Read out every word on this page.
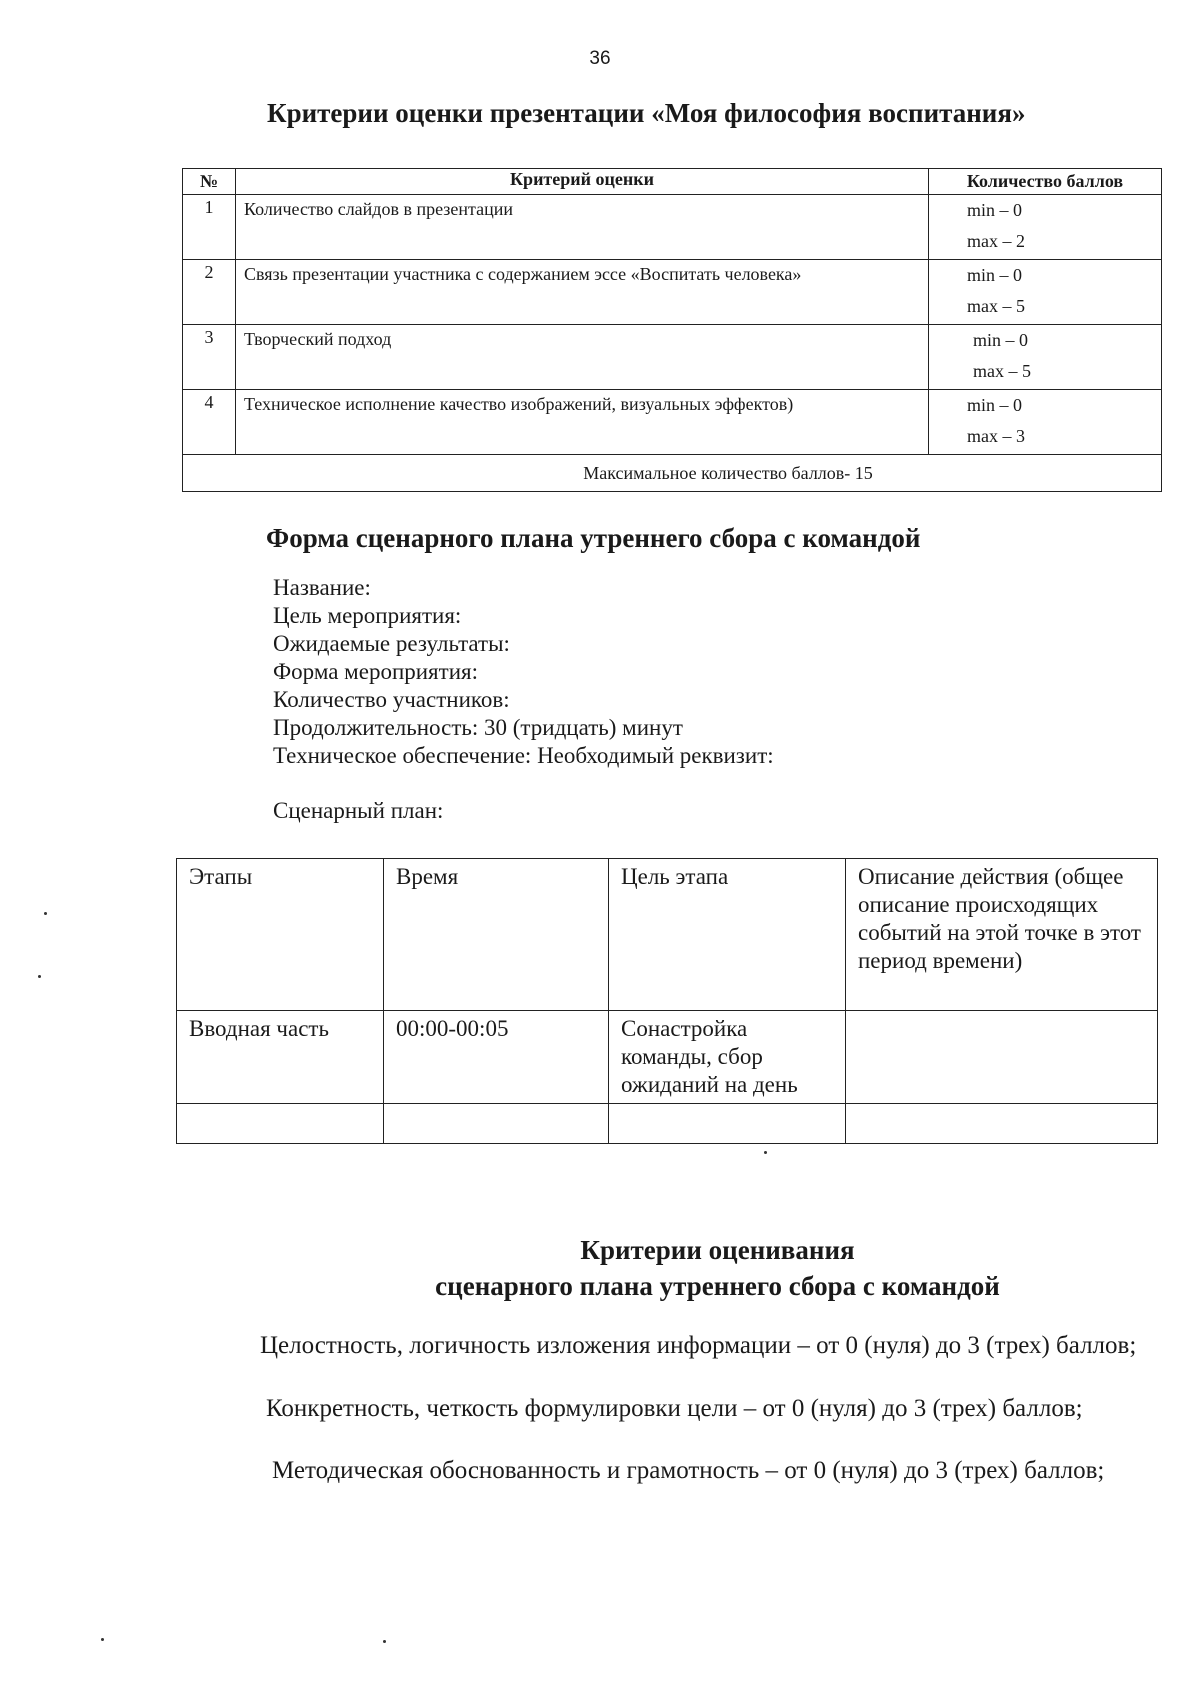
36
Критерии оценки презентации «Моя философия воспитания»
№	Критерий оценки	Количество баллов
1	Количество слайдов в презентации	min – 0
max – 2

2	Связь презентации участника с содержанием эссе «Воспитать человека»	min – 0
max – 5

3	Творческий подход	min – 0
max – 5

4	Техническое исполнение качество изображений, визуальных эффектов)	min – 0
max – 3

Максимальное количество баллов- 15		
Форма сценарного плана утреннего сбора с командой
Название:
Цель мероприятия:
Ожидаемые результаты:
Форма мероприятия:
Количество участников:
Продолжительность: 30 (тридцать) минут
Техническое обеспечение: Необходимый реквизит:
Сценарный план:
Этапы	Время	Цель этапа	Описание действия (общее описание происходящих событий на этой точке в этот период времени)
Вводная часть	00:00-00:05	Сонастройка команды, сбор ожиданий на день	

Критерии оценивания
сценарного плана утреннего сбора с командой
Целостность, логичность изложения информации – от 0 (нуля) до 3 (трех) баллов;
Конкретность, четкость формулировки цели – от 0 (нуля) до 3 (трех) баллов;
Методическая обоснованность и грамотность – от 0 (нуля) до 3 (трех) баллов;
